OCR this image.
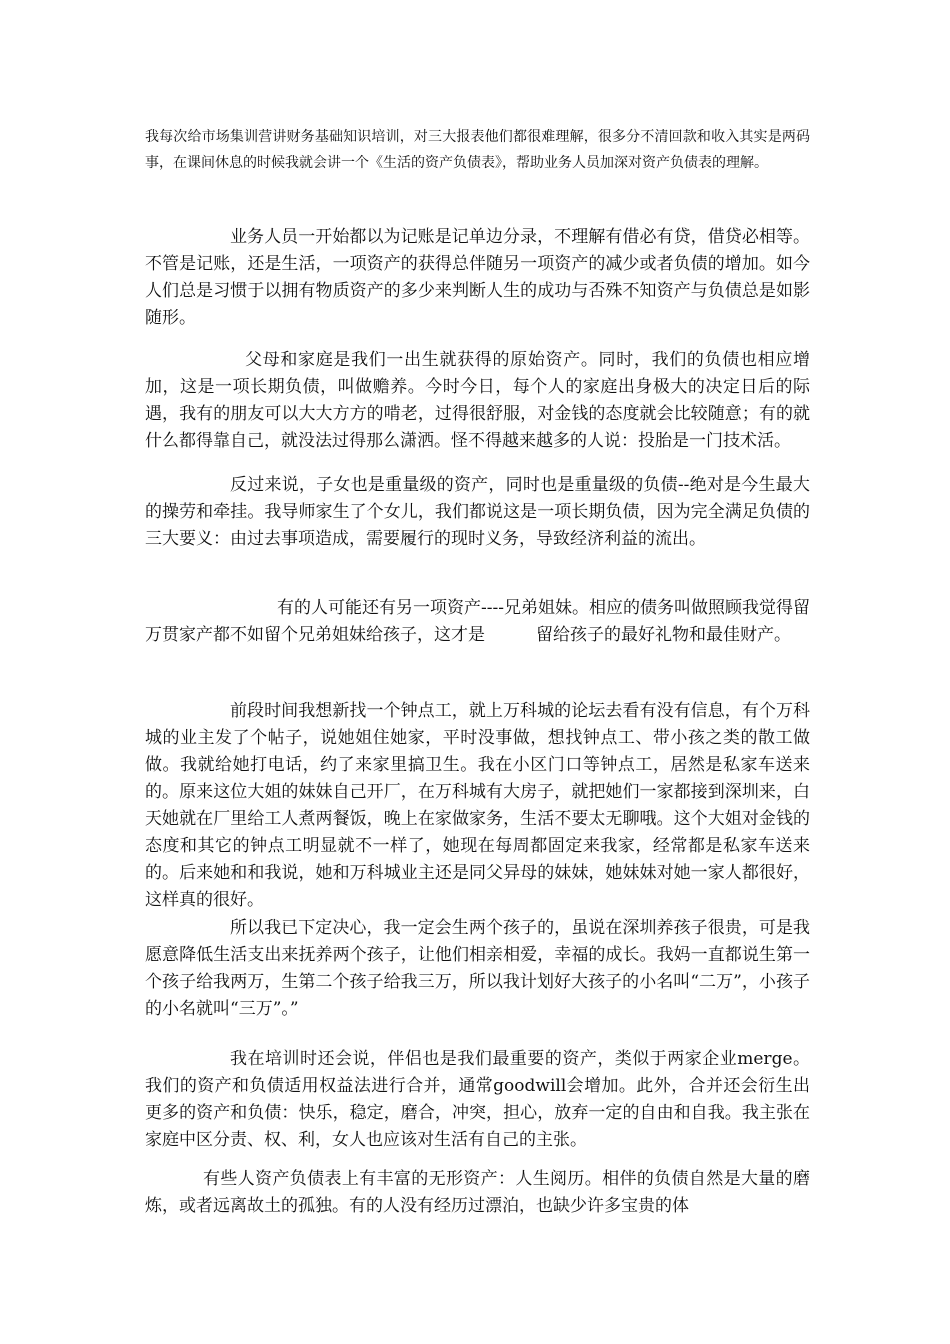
我每次给市场集训营讲财务基础知识培训，对三大报表他们都很难理解，很多分不清回款和收入其实是两码事，在课间休息的时候我就会讲一个《生活的资产负债表》，帮助业务人员加深对资产负债表的理解。

业务人员一开始都以为记账是记单边分录，不理解有借必有贷，借贷必相等。不管是记账，还是生活，一项资产的获得总伴随另一项资产的减少或者负债的增加。如今人们总是习惯于以拥有物质资产的多少来判断人生的成功与否殊不知资产与负债总是如影随形。

父母和家庭是我们一出生就获得的原始资产。同时，我们的负债也相应增加，这是一项长期负债，叫做赡养。今时今日，每个人的家庭出身极大的决定日后的际遇，我有的朋友可以大大方方的啃老，过得很舒服，对金钱的态度就会比较随意；有的就什么都得靠自己，就没法过得那么潇洒。怪不得越来越多的人说：投胎是一门技术活。

反过来说，子女也是重量级的资产，同时也是重量级的负债--绝对是今生最大的操劳和牵挂。我导师家生了个女儿，我们都说这是一项长期负债，因为完全满足负债的三大要义：由过去事项造成，需要履行的现时义务，导致经济利益的流出。

有的人可能还有另一项资产----兄弟姐妹。相应的债务叫做照顾我觉得留万贯家产都不如留个兄弟姐妹给孩子，这才是　　　留给孩子的最好礼物和最佳财产。

前段时间我想新找一个钟点工，就上万科城的论坛去看有没有信息，有个万科城的业主发了个帖子，说她姐住她家，平时没事做，想找钟点工、带小孩之类的散工做做。我就给她打电话，约了来家里搞卫生。我在小区门口等钟点工，居然是私家车送来的。原来这位大姐的妹妹自己开厂，在万科城有大房子，就把她们一家都接到深圳来，白天她就在厂里给工人煮两餐饭，晚上在家做家务，生活不要太无聊哦。这个大姐对金钱的态度和其它的钟点工明显就不一样了，她现在每周都固定来我家，经常都是私家车送来的。后来她和和我说，她和万科城业主还是同父异母的妹妹，她妹妹对她一家人都很好，这样真的很好。

所以我已下定决心，我一定会生两个孩子的，虽说在深圳养孩子很贵，可是我愿意降低生活支出来抚养两个孩子，让他们相亲相爱，幸福的成长。我妈一直都说生第一个孩子给我两万，生第二个孩子给我三万，所以我计划好大孩子的小名叫“二万”，小孩子的小名就叫“三万”。”

我在培训时还会说，伴侣也是我们最重要的资产，类似于两家企业merge。我们的资产和负债适用权益法进行合并，通常goodwill会增加。此外，合并还会衍生出更多的资产和负债：快乐，稳定，磨合，冲突，担心，放弃一定的自由和自我。我主张在家庭中区分责、权、利，女人也应该对生活有自己的主张。

有些人资产负债表上有丰富的无形资产：人生阅历。相伴的负债自然是大量的磨炼，或者远离故土的孤独。有的人没有经历过漂泊，也缺少许多宝贵的体
